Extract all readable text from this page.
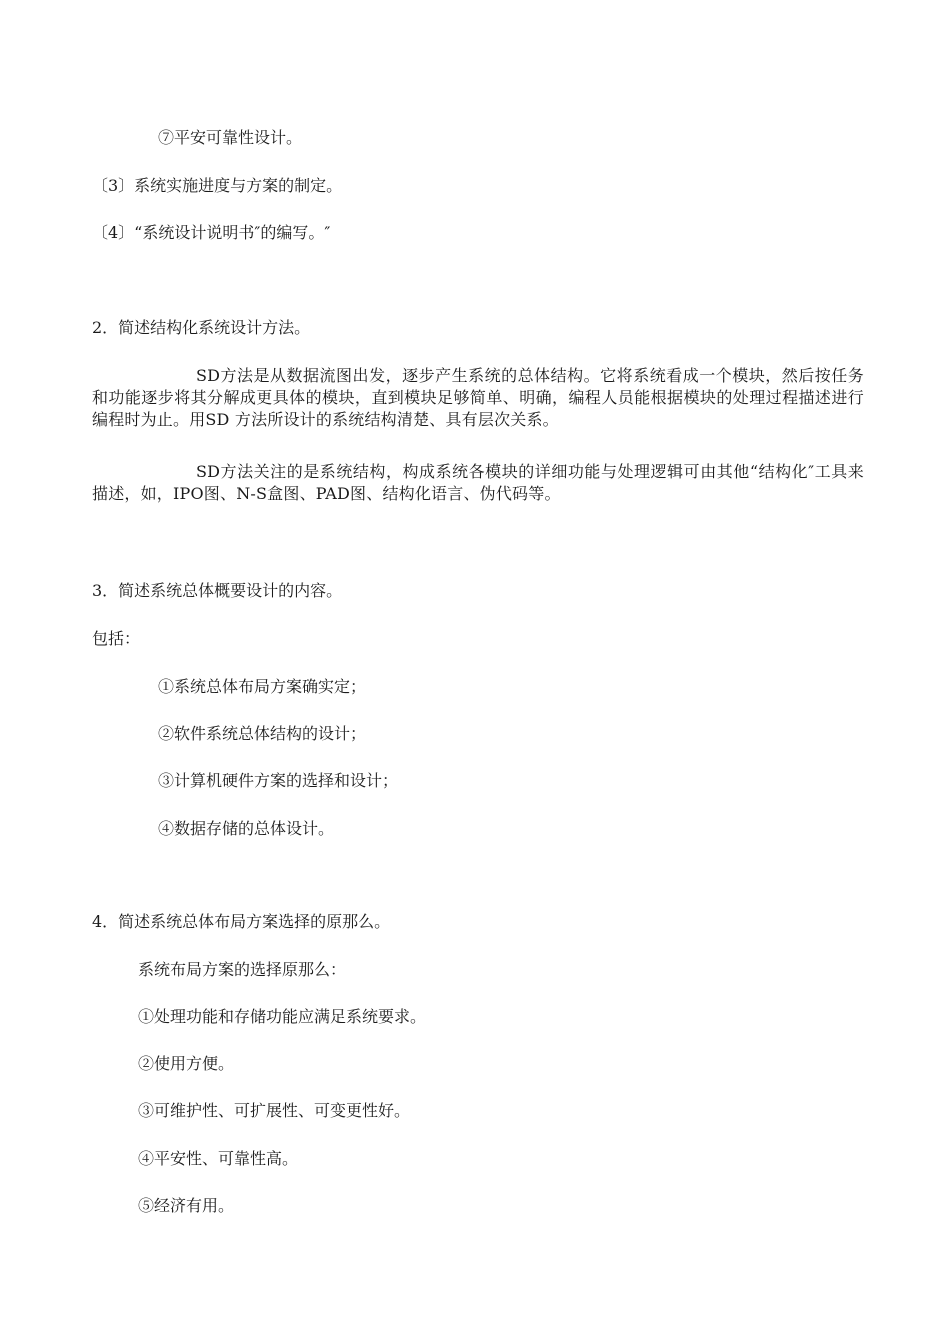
⑦平安可靠性设计。

〔3〕系统实施进度与方案的制定。

〔4〕“系统设计说明书″的编写。″

2．简述结构化系统设计方法。

SD方法是从数据流图出发，逐步产生系统的总体结构。它将系统看成一个模块，然后按任务和功能逐步将其分解成更具体的模块，直到模块足够简单、明确，编程人员能根据模块的处理过程描述进行编程时为止。用SD 方法所设计的系统结构清楚、具有层次关系。

SD方法关注的是系统结构，构成系统各模块的详细功能与处理逻辑可由其他“结构化″工具来描述，如，IPO图、N-S盒图、PAD图、结构化语言、伪代码等。

3．简述系统总体概要设计的内容。

包括：

①系统总体布局方案确实定；

②软件系统总体结构的设计；

③计算机硬件方案的选择和设计；

④数据存储的总体设计。

4．简述系统总体布局方案选择的原那么。

系统布局方案的选择原那么：

①处理功能和存储功能应满足系统要求。

②使用方便。

③可维护性、可扩展性、可变更性好。

④平安性、可靠性高。

⑤经济有用。
